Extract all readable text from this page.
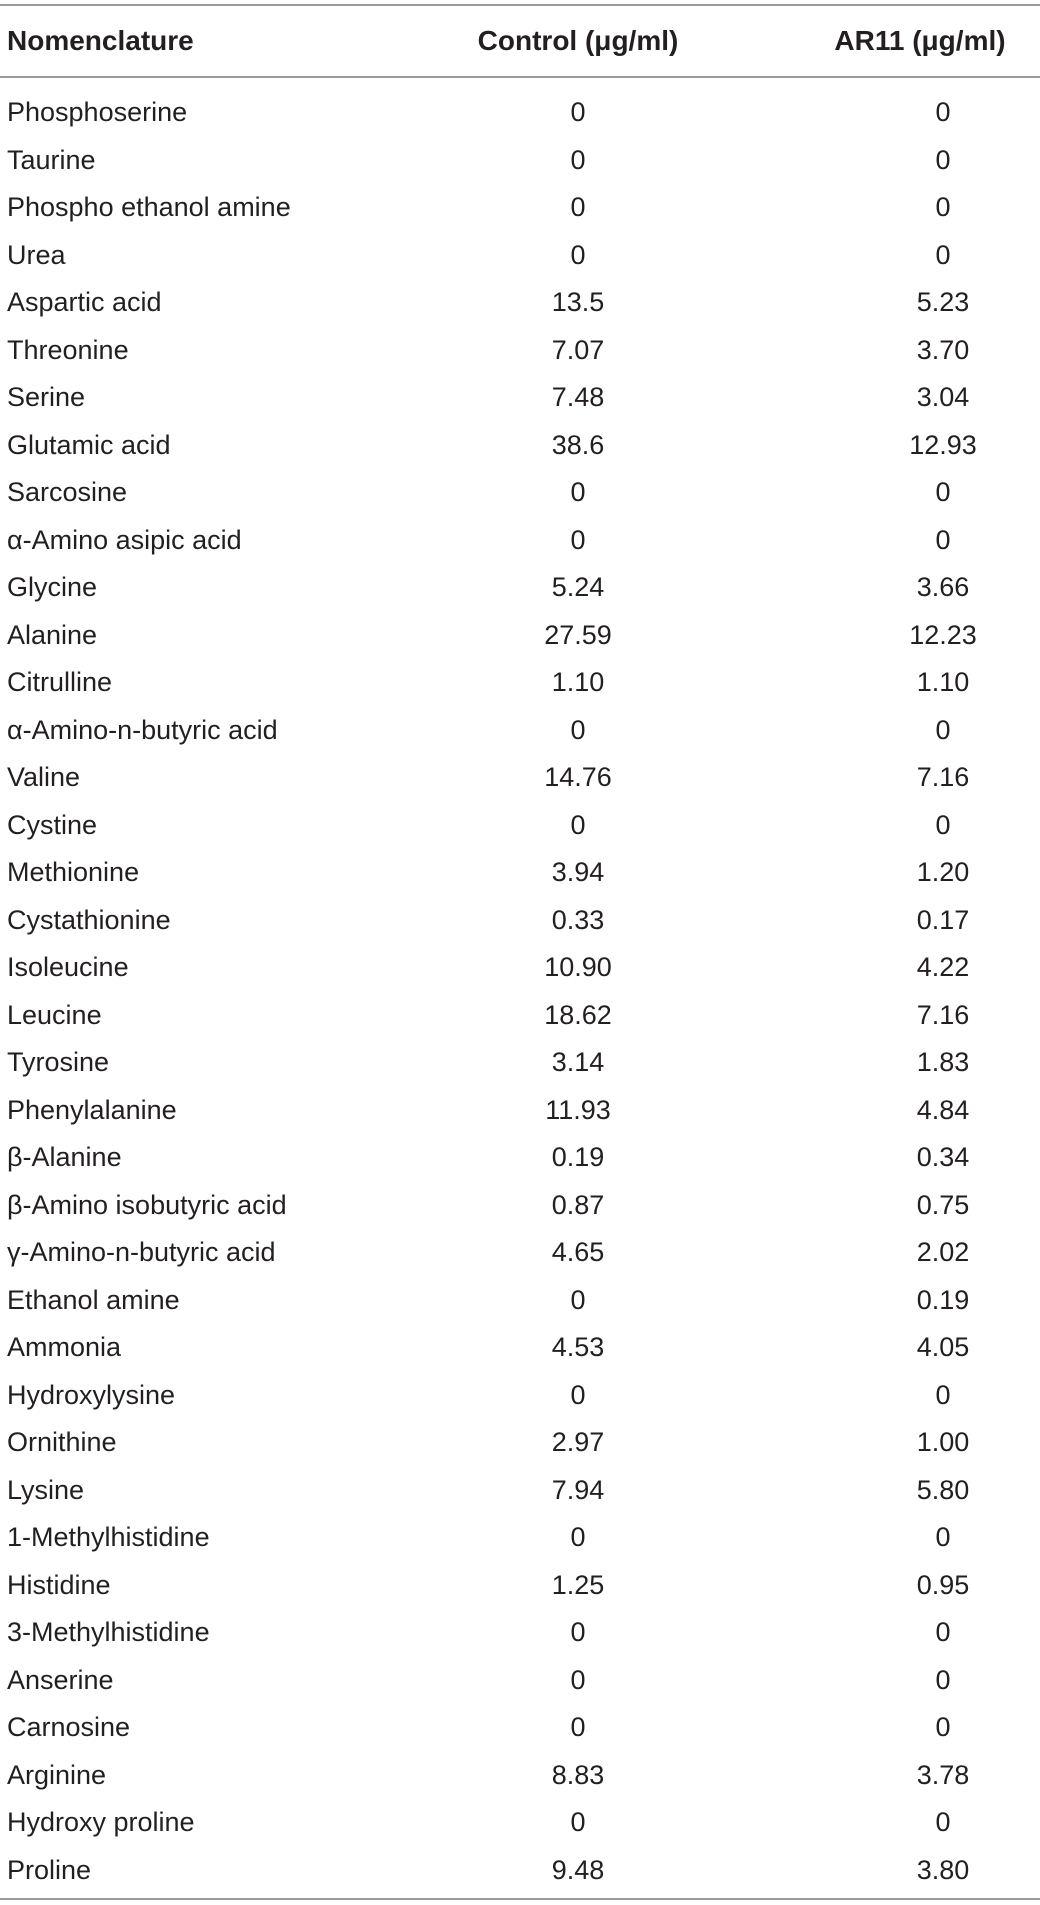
Nomenclature	Control (μg/ml)	AR11 (μg/ml)
Phosphoserine	0	0
Taurine	0	0
Phospho ethanol amine	0	0
Urea	0	0
Aspartic acid	13.5	5.23
Threonine	7.07	3.70
Serine	7.48	3.04
Glutamic acid	38.6	12.93
Sarcosine	0	0
α-Amino asipic acid	0	0
Glycine	5.24	3.66
Alanine	27.59	12.23
Citrulline	1.10	1.10
α-Amino-n-butyric acid	0	0
Valine	14.76	7.16
Cystine	0	0
Methionine	3.94	1.20
Cystathionine	0.33	0.17
Isoleucine	10.90	4.22
Leucine	18.62	7.16
Tyrosine	3.14	1.83
Phenylalanine	11.93	4.84
β-Alanine	0.19	0.34
β-Amino isobutyric acid	0.87	0.75
γ-Amino-n-butyric acid	4.65	2.02
Ethanol amine	0	0.19
Ammonia	4.53	4.05
Hydroxylysine	0	0
Ornithine	2.97	1.00
Lysine	7.94	5.80
1-Methylhistidine	0	0
Histidine	1.25	0.95
3-Methylhistidine	0	0
Anserine	0	0
Carnosine	0	0
Arginine	8.83	3.78
Hydroxy proline	0	0
Proline	9.48	3.80
